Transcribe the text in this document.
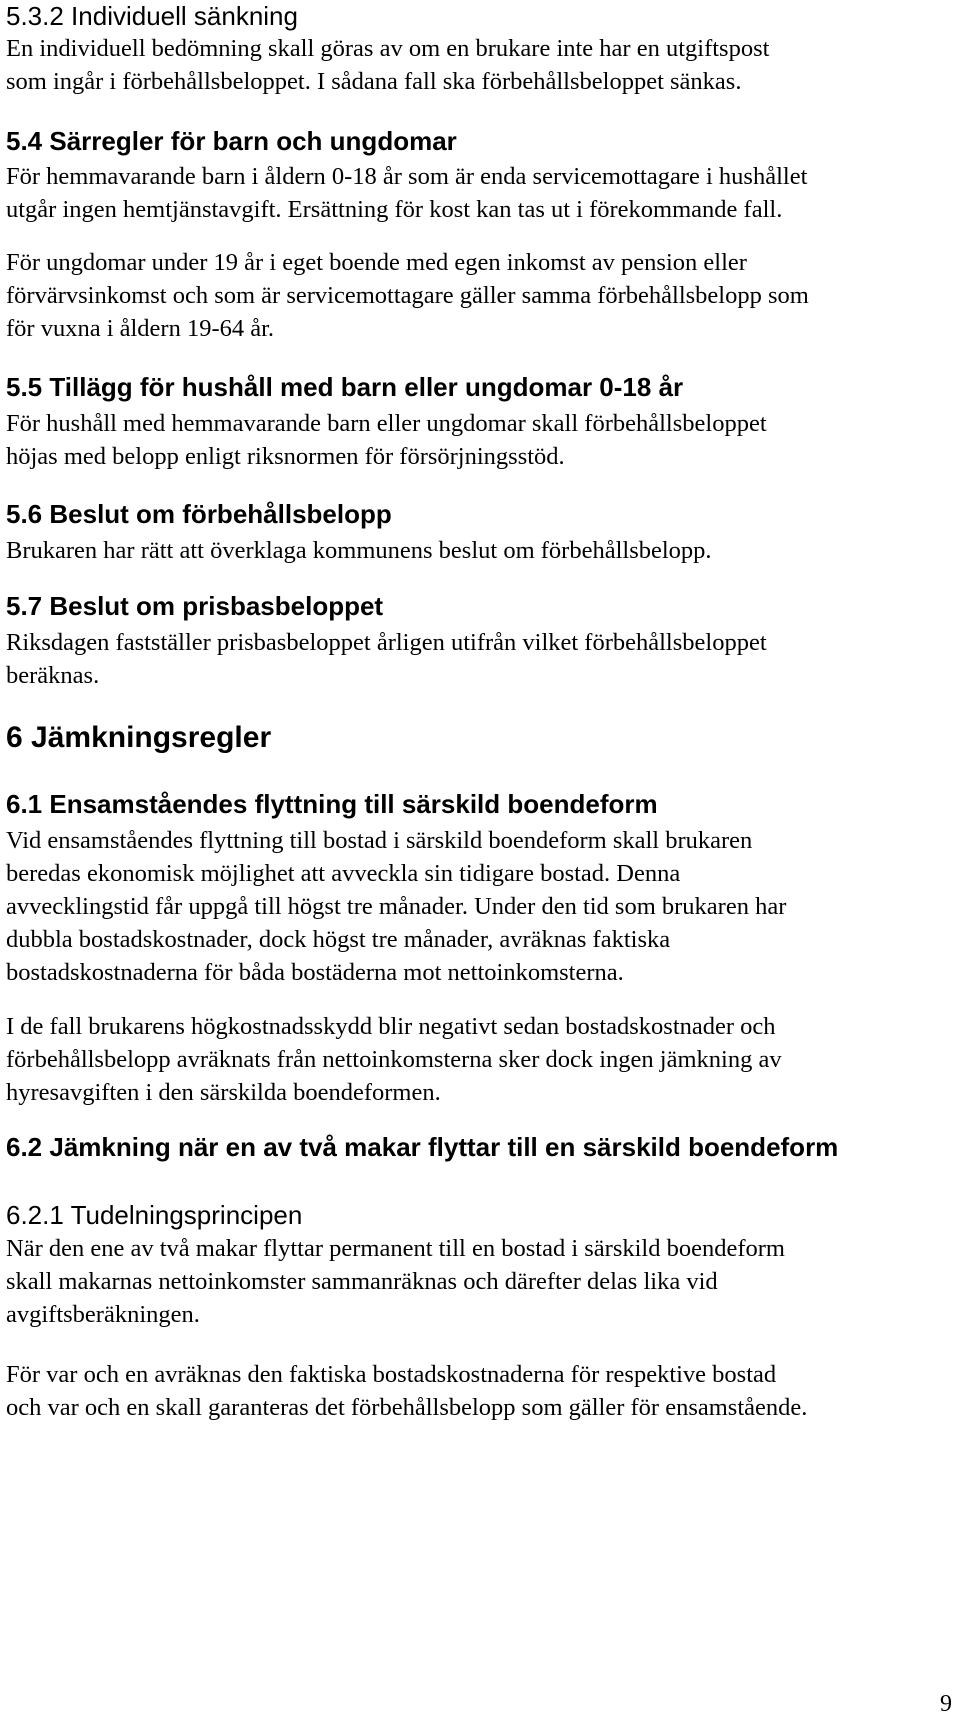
5.3.2 Individuell sänkning

En individuell bedömning skall göras av om en brukare inte har en utgiftspost
som ingår i förbehållsbeloppet. I sådana fall ska förbehållsbeloppet sänkas.

5.4 Särregler för barn och ungdomar

För hemmavarande barn i åldern 0-18 år som är enda servicemottagare i hushållet
utgår ingen hemtjänstavgift. Ersättning för kost kan tas ut i förekommande fall.

För ungdomar under 19 år i eget boende med egen inkomst av pension eller
förvärvsinkomst och som är servicemottagare gäller samma förbehållsbelopp som
för vuxna i åldern 19-64 år.

5.5 Tillägg för hushåll med barn eller ungdomar 0-18 år

För hushåll med hemmavarande barn eller ungdomar skall förbehållsbeloppet
höjas med belopp enligt riksnormen för försörjningsstöd.

5.6 Beslut om förbehållsbelopp

Brukaren har rätt att överklaga kommunens beslut om förbehållsbelopp.

5.7 Beslut om prisbasbeloppet

Riksdagen fastställer prisbasbeloppet årligen utifrån vilket förbehållsbeloppet
beräknas.

6 Jämkningsregler
6.1 Ensamståendes flyttning till särskild boendeform

Vid ensamståendes flyttning till bostad i särskild boendeform skall brukaren
beredas ekonomisk möjlighet att avveckla sin tidigare bostad. Denna
avvecklingstid får uppgå till högst tre månader. Under den tid som brukaren har
dubbla bostadskostnader, dock högst tre månader, avräknas faktiska
bostadskostnaderna för båda bostäderna mot nettoinkomsterna.

I de fall brukarens högkostnadsskydd blir negativt sedan bostadskostnader och
förbehållsbelopp avräknats från nettoinkomsterna sker dock ingen jämkning av
hyresavgiften i den särskilda boendeformen.

6.2 Jämkning när en av två makar flyttar till en särskild boendeform
6.2.1 Tudelningsprincipen

När den ene av två makar flyttar permanent till en bostad i särskild boendeform
skall makarnas nettoinkomster sammanräknas och därefter delas lika vid
avgiftsberäkningen.

För var och en avräknas den faktiska bostadskostnaderna för respektive bostad
och var och en skall garanteras det förbehållsbelopp som gäller för ensamstående.

9
